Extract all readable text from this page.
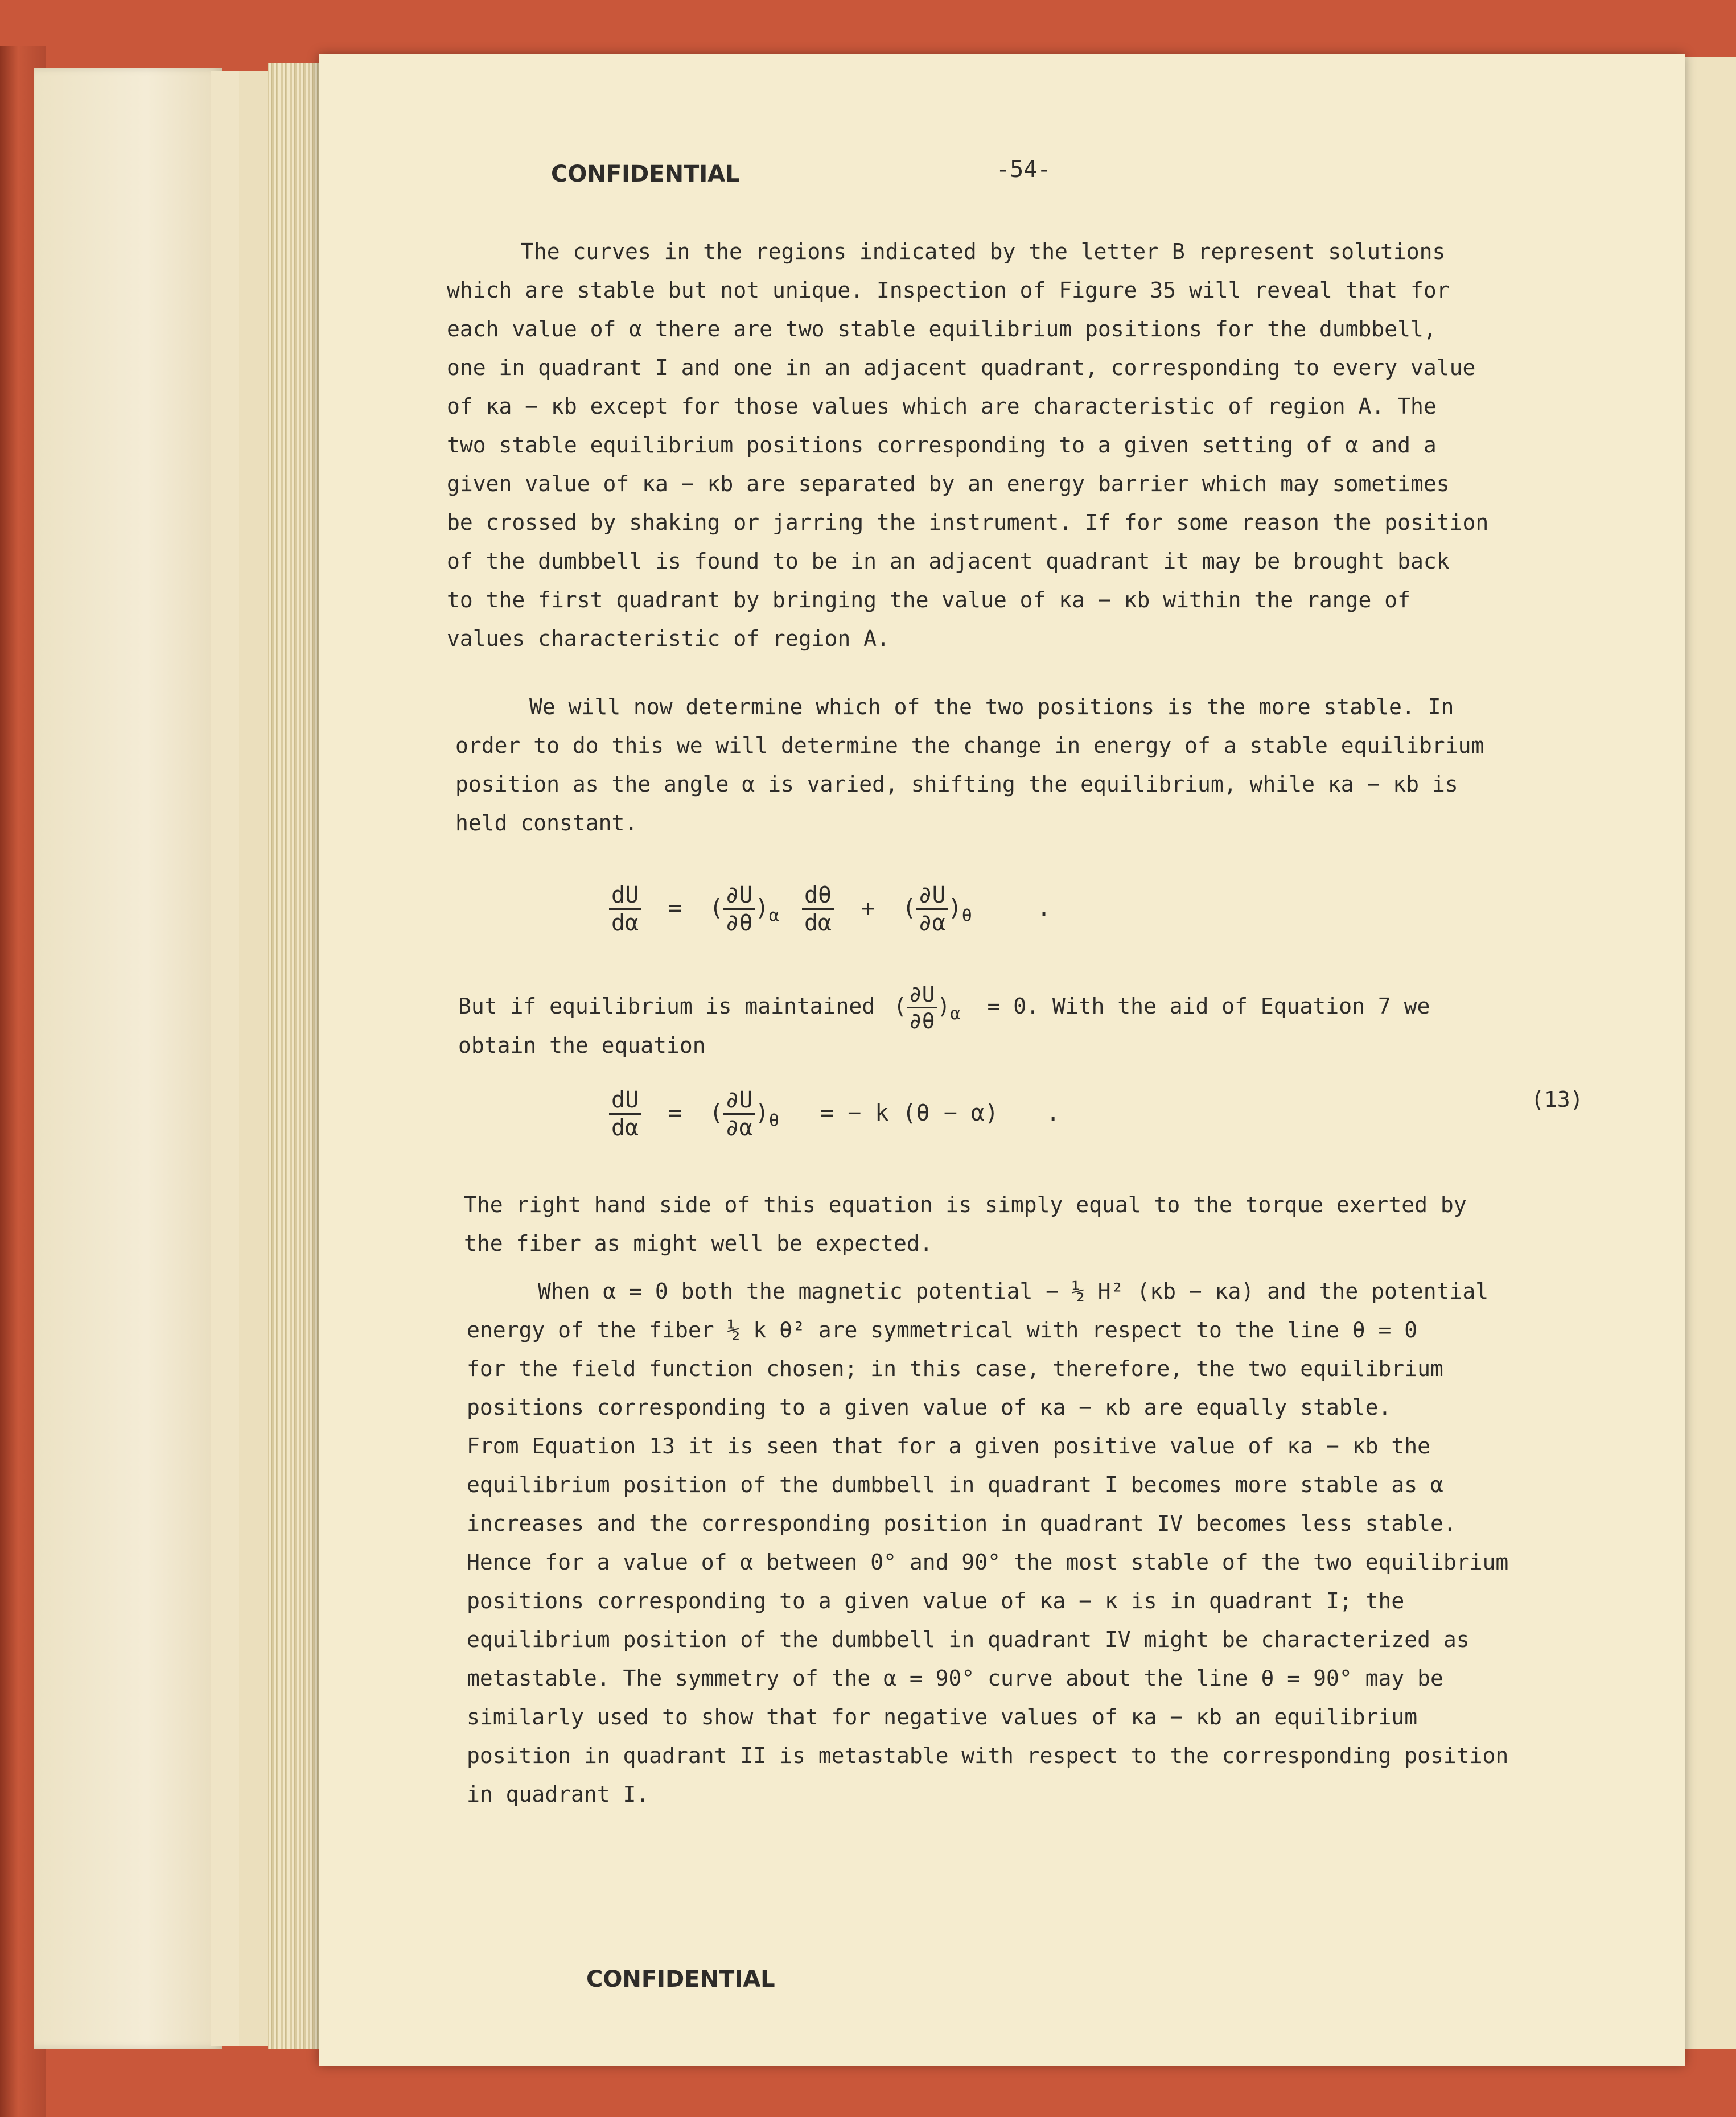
CONFIDENTIAL	-54-
The curves in the regions indicated by the letter B represent solutions
which are stable but not unique. Inspection of Figure 35 will reveal that for
each value of α there are two stable equilibrium positions for the dumbbell,
one in quadrant I and one in an adjacent quadrant, corresponding to every value
of κa − κb except for those values which are characteristic of region A. The
two stable equilibrium positions corresponding to a given setting of α and a
given value of κa − κb are separated by an energy barrier which may sometimes
be crossed by shaking or jarring the instrument. If for some reason the position
of the dumbbell is found to be in an adjacent quadrant it may be brought back
to the first quadrant by bringing the value of κa − κb within the range of
values characteristic of region A.
We will now determine which of the two positions is the more stable. In
order to do this we will determine the change in energy of a stable equilibrium
position as the angle α is varied, shifting the equilibrium, while κa − κb is
held constant.
$\frac{dU}{d\alpha}$ = ( $\frac{\partial U}{\partial\theta} )_\alpha \frac{d\theta}{d\alpha}$ + ( $\frac{\partial U}{\partial\alpha} )_\theta$	.
But if equilibrium is maintained ( $\frac{\partial U}{\partial\theta} )_\alpha = 0$. With the aid of Equation 7 we
obtain the equation
$\frac{dU}{d\alpha}$ = ( $\frac{\partial U}{\partial\alpha} )_\theta$ = − k (θ − α) .
(13)
The right hand side of this equation is simply equal to the torque exerted by
the fiber as might well be expected.
When α = 0 both the magnetic potential − ½ H² (κb − κa) and the potential
energy of the fiber ½ k θ² are symmetrical with respect to the line θ = 0
for the field function chosen; in this case, therefore, the two equilibrium
positions corresponding to a given value of κa − κb are equally stable.
From Equation 13 it is seen that for a given positive value of κa − κb the
equilibrium position of the dumbbell in quadrant I becomes more stable as α
increases and the corresponding position in quadrant IV becomes less stable.
Hence for a value of α between 0° and 90° the most stable of the two equilibrium
positions corresponding to a given value of κa − κ is in quadrant I; the
equilibrium position of the dumbbell in quadrant IV might be characterized as
metastable. The symmetry of the α = 90° curve about the line θ = 90° may be
similarly used to show that for negative values of κa − κb an equilibrium
position in quadrant II is metastable with respect to the corresponding position
in quadrant I.
CONFIDENTIAL
